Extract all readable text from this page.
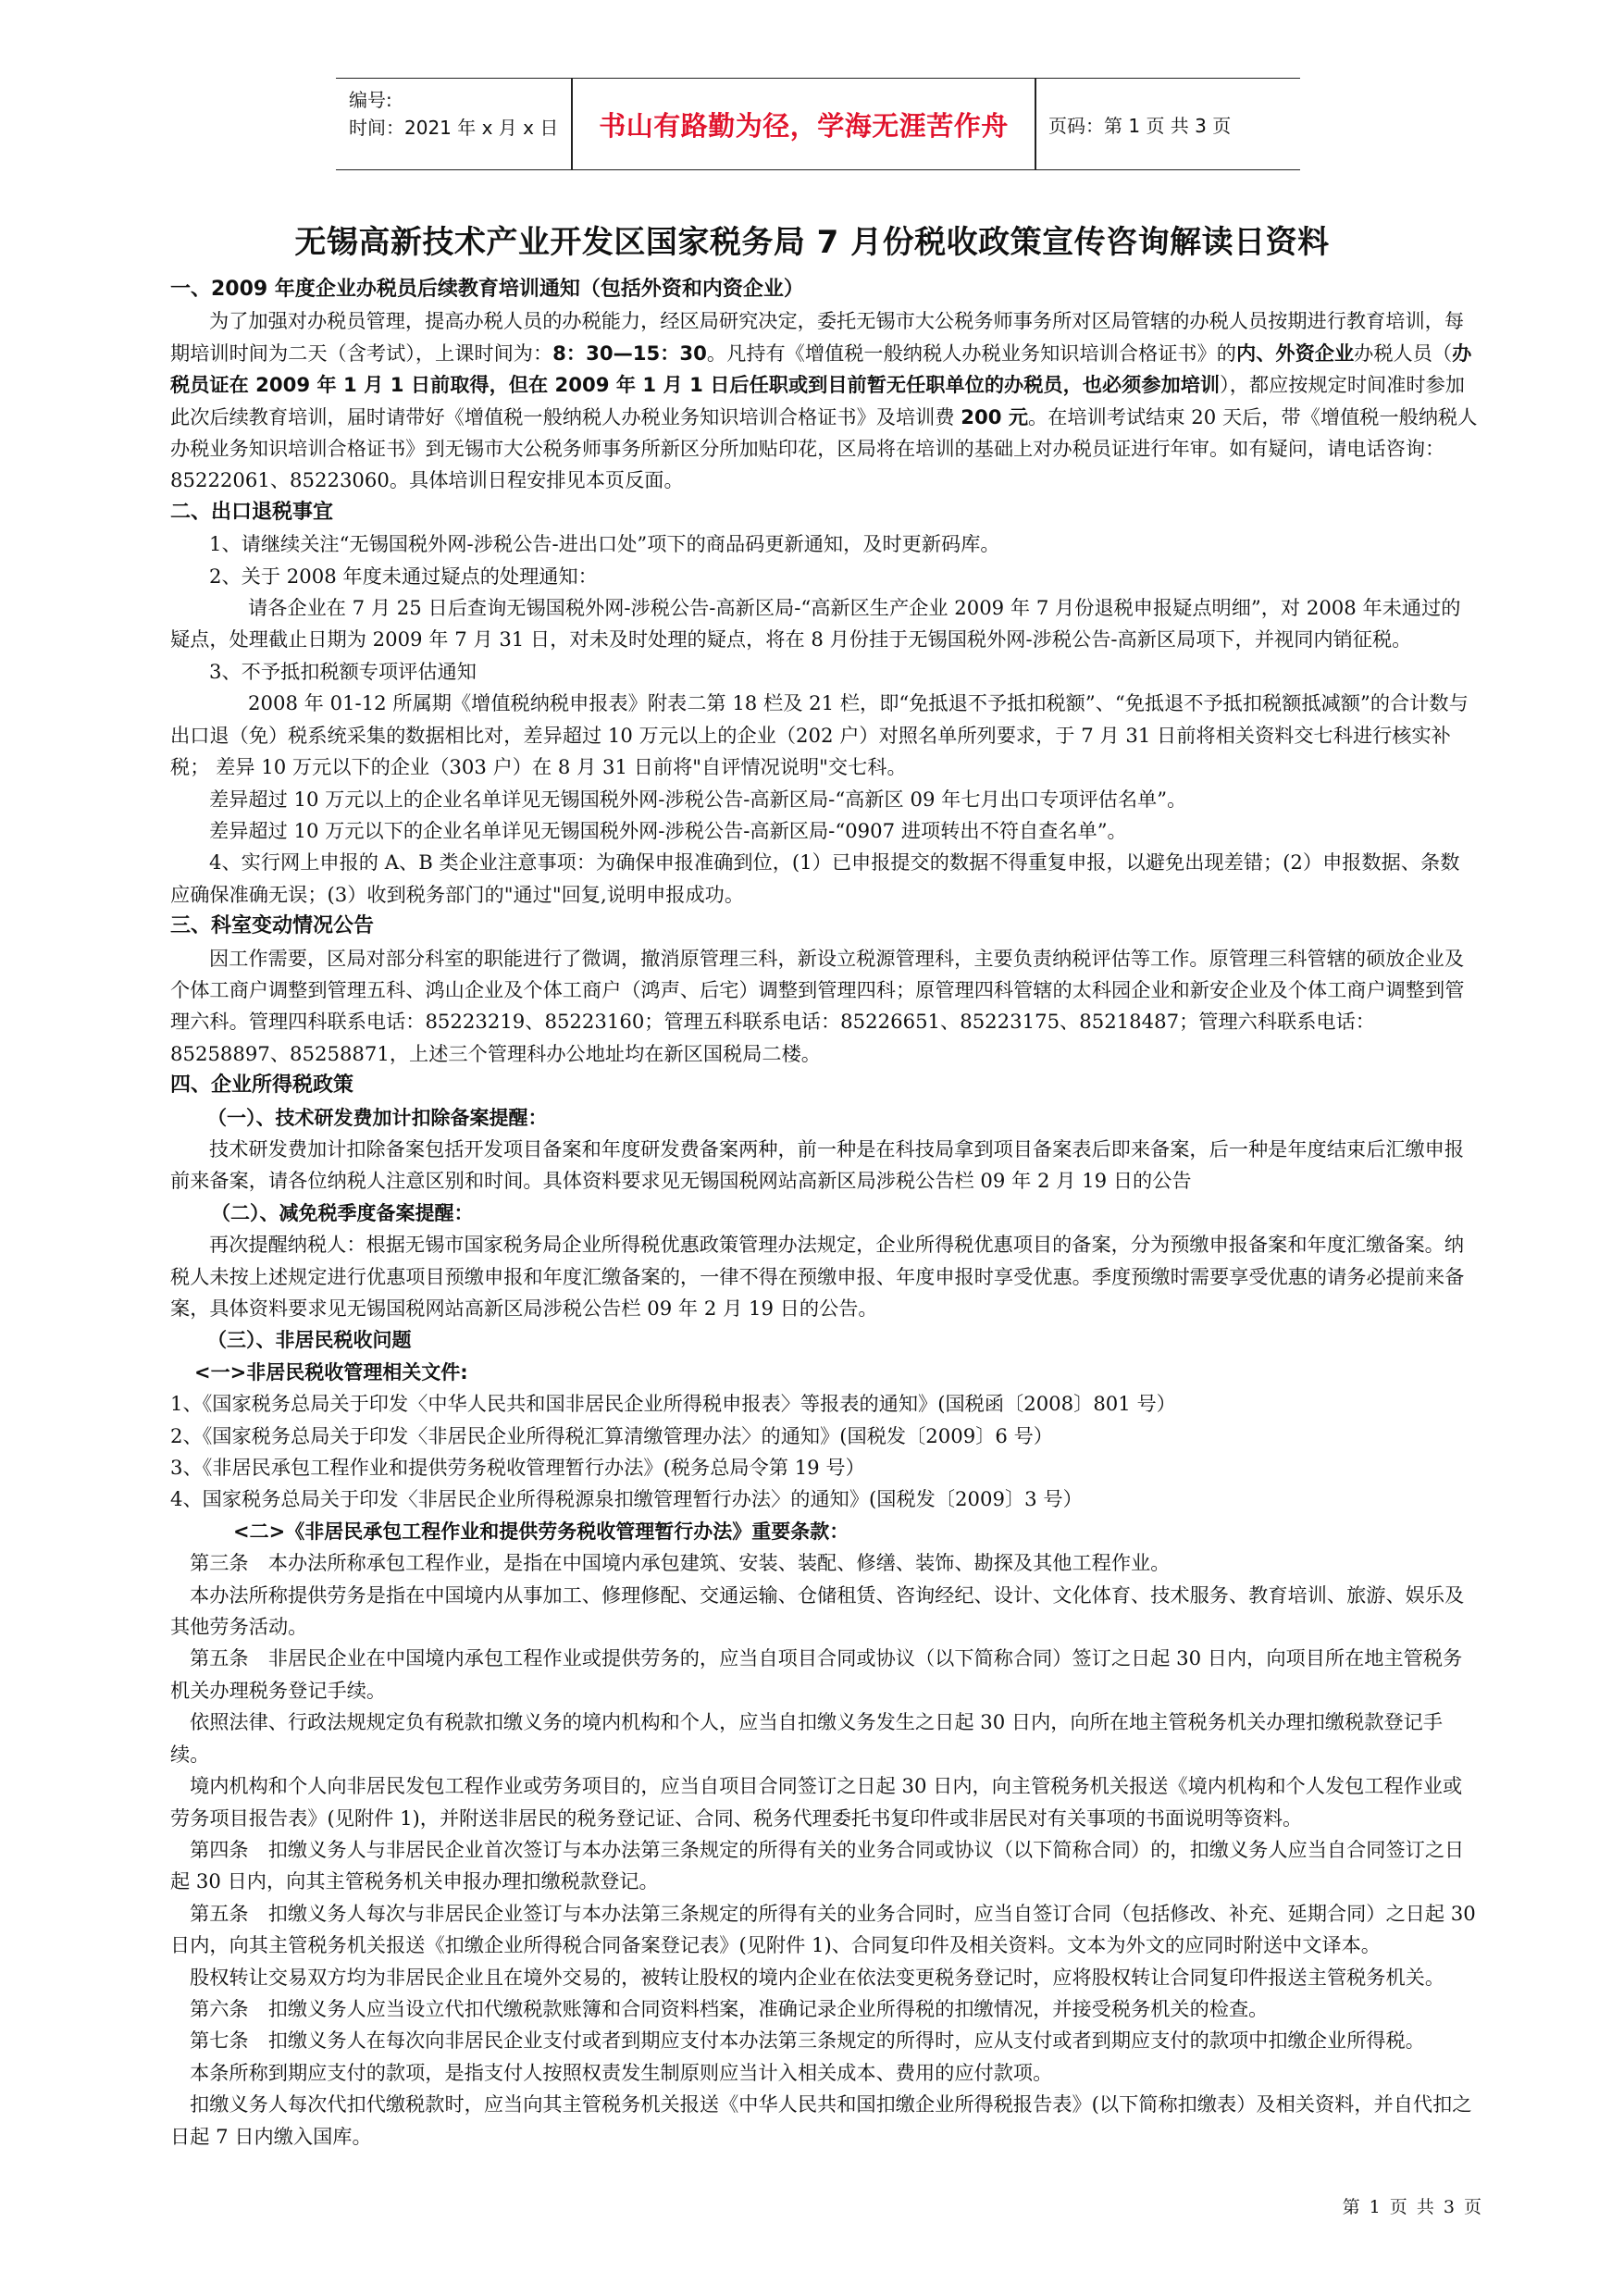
编号:
时间：2021 年 x 月 x 日	书山有路勤为径，学海无涯苦作舟	页码：第 1 页 共 3 页
无锡高新技术产业开发区国家税务局 7 月份税收政策宣传咨询解读日资料

一、2009 年度企业办税员后续教育培训通知（包括外资和内资企业）

为了加强对办税员管理，提高办税人员的办税能力，经区局研究决定，委托无锡市大公税务师事务所对区局管辖的办税人员按期进行教育培训，每期培训时间为二天（含考试），上课时间为：8：30—15：30。凡持有《增值税一般纳税人办税业务知识培训合格证书》的内、外资企业办税人员（办税员证在 2009 年 1 月 1 日前取得，但在 2009 年 1 月 1 日后任职或到目前暂无任职单位的办税员，也必须参加培训），都应按规定时间准时参加此次后续教育培训，届时请带好《增值税一般纳税人办税业务知识培训合格证书》及培训费 200 元。在培训考试结束 20 天后，带《增值税一般纳税人办税业务知识培训合格证书》到无锡市大公税务师事务所新区分所加贴印花，区局将在培训的基础上对办税员证进行年审。如有疑问，请电话咨询：85222061、85223060。具体培训日程安排见本页反面。

二、出口退税事宜

1、请继续关注“无锡国税外网-涉税公告-进出口处”项下的商品码更新通知，及时更新码库。

2、关于 2008 年度未通过疑点的处理通知：

请各企业在 7 月 25 日后查询无锡国税外网-涉税公告-高新区局-“高新区生产企业 2009 年 7 月份退税申报疑点明细”，对 2008 年未通过的疑点，处理截止日期为 2009 年 7 月 31 日，对未及时处理的疑点，将在 8 月份挂于无锡国税外网-涉税公告-高新区局项下，并视同内销征税。

3、不予抵扣税额专项评估通知

2008 年 01-12 所属期《增值税纳税申报表》附表二第 18 栏及 21 栏，即“免抵退不予抵扣税额”、“免抵退不予抵扣税额抵减额”的合计数与出口退（免）税系统采集的数据相比对，差异超过 10 万元以上的企业（202 户）对照名单所列要求，于 7 月 31 日前将相关资料交七科进行核实补税； 差异 10 万元以下的企业（303 户）在 8 月 31 日前将"自评情况说明"交七科。

差异超过 10 万元以上的企业名单详见无锡国税外网-涉税公告-高新区局-“高新区 09 年七月出口专项评估名单”。

差异超过 10 万元以下的企业名单详见无锡国税外网-涉税公告-高新区局-“0907 进项转出不符自查名单”。

4、实行网上申报的 A、B 类企业注意事项：为确保申报准确到位，(1）已申报提交的数据不得重复申报，以避免出现差错；(2）申报数据、条数应确保准确无误；(3）收到税务部门的"通过"回复,说明申报成功。

三、科室变动情况公告

因工作需要，区局对部分科室的职能进行了微调，撤消原管理三科，新设立税源管理科，主要负责纳税评估等工作。原管理三科管辖的硕放企业及个体工商户调整到管理五科、鸿山企业及个体工商户（鸿声、后宅）调整到管理四科；原管理四科管辖的太科园企业和新安企业及个体工商户调整到管理六科。管理四科联系电话：85223219、85223160；管理五科联系电话：85226651、85223175、85218487；管理六科联系电话：85258897、85258871，上述三个管理科办公地址均在新区国税局二楼。

四、企业所得税政策

（一）、技术研发费加计扣除备案提醒：

技术研发费加计扣除备案包括开发项目备案和年度研发费备案两种，前一种是在科技局拿到项目备案表后即来备案，后一种是年度结束后汇缴申报前来备案，请各位纳税人注意区别和时间。具体资料要求见无锡国税网站高新区局涉税公告栏 09 年 2 月 19 日的公告

（二）、减免税季度备案提醒：

再次提醒纳税人：根据无锡市国家税务局企业所得税优惠政策管理办法规定，企业所得税优惠项目的备案，分为预缴申报备案和年度汇缴备案。纳税人未按上述规定进行优惠项目预缴申报和年度汇缴备案的，一律不得在预缴申报、年度申报时享受优惠。季度预缴时需要享受优惠的请务必提前来备案，具体资料要求见无锡国税网站高新区局涉税公告栏 09 年 2 月 19 日的公告。

（三）、非居民税收问题

<一>非居民税收管理相关文件:

1、《国家税务总局关于印发〈中华人民共和国非居民企业所得税申报表〉等报表的通知》(国税函〔2008〕801 号）

2、《国家税务总局关于印发〈非居民企业所得税汇算清缴管理办法〉的通知》(国税发〔2009〕6 号）

3、《非居民承包工程作业和提供劳务税收管理暂行办法》(税务总局令第 19 号）

4、国家税务总局关于印发〈非居民企业所得税源泉扣缴管理暂行办法〉的通知》(国税发〔2009〕3 号）

<二>《非居民承包工程作业和提供劳务税收管理暂行办法》重要条款：

第三条　本办法所称承包工程作业，是指在中国境内承包建筑、安装、装配、修缮、装饰、勘探及其他工程作业。

本办法所称提供劳务是指在中国境内从事加工、修理修配、交通运输、仓储租赁、咨询经纪、设计、文化体育、技术服务、教育培训、旅游、娱乐及其他劳务活动。

第五条　非居民企业在中国境内承包工程作业或提供劳务的，应当自项目合同或协议（以下简称合同）签订之日起 30 日内，向项目所在地主管税务机关办理税务登记手续。

依照法律、行政法规规定负有税款扣缴义务的境内机构和个人，应当自扣缴义务发生之日起 30 日内，向所在地主管税务机关办理扣缴税款登记手续。

境内机构和个人向非居民发包工程作业或劳务项目的，应当自项目合同签订之日起 30 日内，向主管税务机关报送《境内机构和个人发包工程作业或劳务项目报告表》(见附件 1)，并附送非居民的税务登记证、合同、税务代理委托书复印件或非居民对有关事项的书面说明等资料。

第四条　扣缴义务人与非居民企业首次签订与本办法第三条规定的所得有关的业务合同或协议（以下简称合同）的，扣缴义务人应当自合同签订之日起 30 日内，向其主管税务机关申报办理扣缴税款登记。

第五条　扣缴义务人每次与非居民企业签订与本办法第三条规定的所得有关的业务合同时，应当自签订合同（包括修改、补充、延期合同）之日起 30 日内，向其主管税务机关报送《扣缴企业所得税合同备案登记表》(见附件 1)、合同复印件及相关资料。文本为外文的应同时附送中文译本。

股权转让交易双方均为非居民企业且在境外交易的，被转让股权的境内企业在依法变更税务登记时，应将股权转让合同复印件报送主管税务机关。

第六条　扣缴义务人应当设立代扣代缴税款账簿和合同资料档案，准确记录企业所得税的扣缴情况，并接受税务机关的检查。

第七条　扣缴义务人在每次向非居民企业支付或者到期应支付本办法第三条规定的所得时，应从支付或者到期应支付的款项中扣缴企业所得税。

本条所称到期应支付的款项，是指支付人按照权责发生制原则应当计入相关成本、费用的应付款项。

扣缴义务人每次代扣代缴税款时，应当向其主管税务机关报送《中华人民共和国扣缴企业所得税报告表》(以下简称扣缴表）及相关资料，并自代扣之日起 7 日内缴入国库。

第 1 页 共 3 页
